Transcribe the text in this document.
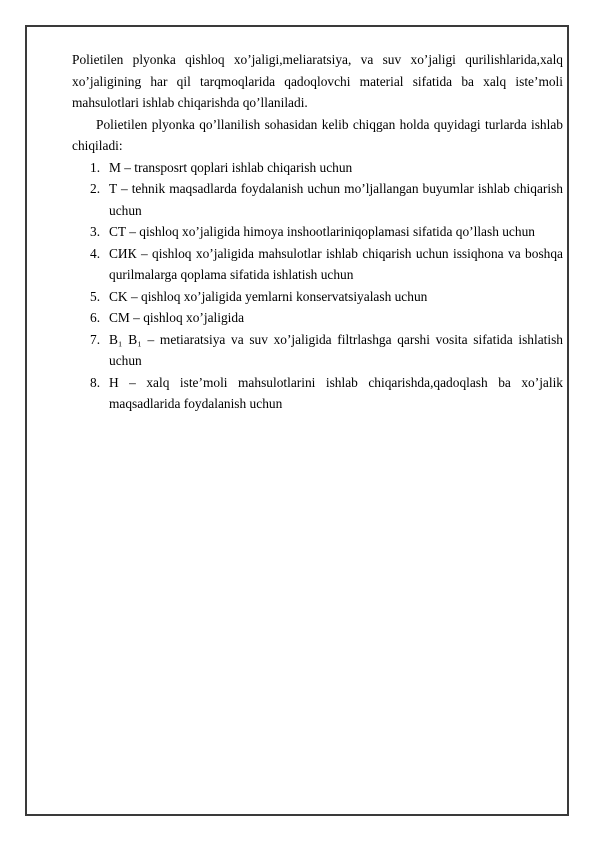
Polietilen plyonka qishloq xo’jaligi,meliaratsiya, va suv xo’jaligi qurilishlarida,xalq xo’jaligining har qil tarqmoqlarida qadoqlovchi material sifatida ba xalq iste’moli mahsulotlari ishlab chiqarishda qo’llaniladi.

Polietilen plyonka qo’llanilish sohasidan kelib chiqgan holda quyidagi turlarda ishlab chiqiladi:

1. M – transposrt qoplari ishlab chiqarish uchun
2. T – tehnik maqsadlarda foydalanish uchun mo’ljallangan buyumlar ishlab chiqarish uchun
3. CT – qishloq xo’jaligida himoya inshootlariniqoplamasi sifatida qo’llash uchun
4. CИК – qishloq xo’jaligida mahsulotlar ishlab chiqarish uchun issiqhona va boshqa qurilmalarga qoplama sifatida ishlatish uchun
5. CK – qishloq xo’jaligida yemlarni konservatsiyalash uchun
6. CM – qishloq xo’jaligida
7. B₁ B₁ – metiaratsiya va suv xo’jaligida filtrlashga qarshi vosita sifatida ishlatish uchun
8. H – xalq iste’moli mahsulotlarini ishlab chiqarishda,qadoqlash ba xo’jalik maqsadlarida foydalanish uchun
